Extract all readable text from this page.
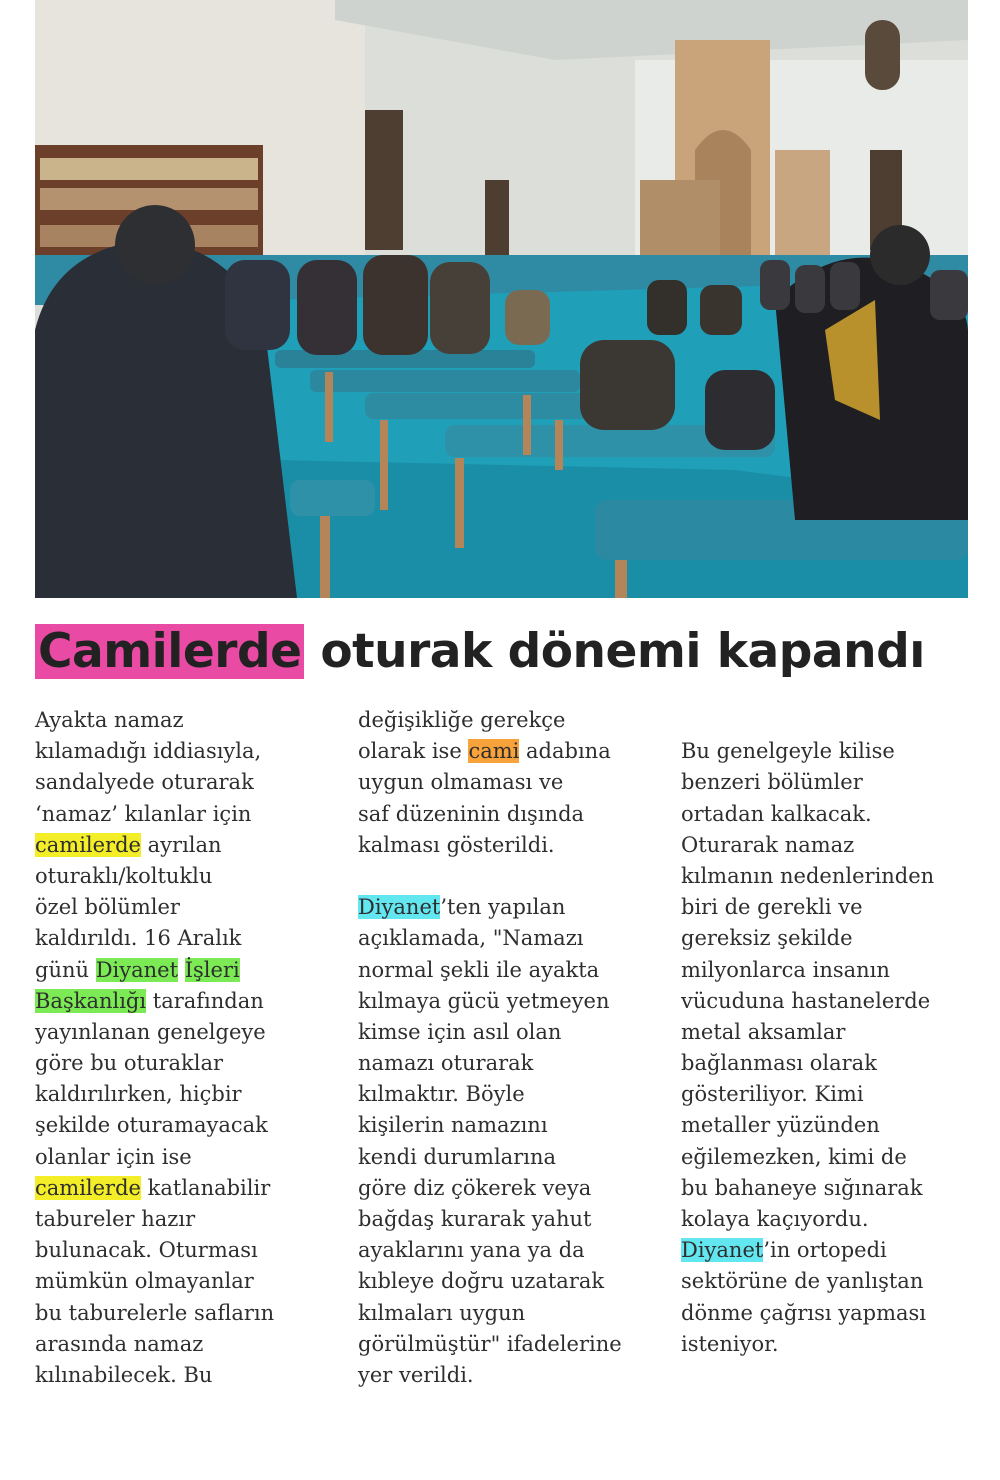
Camilerde oturak dönemi kapandı
Ayakta namaz
kılamadığı iddiasıyla,
sandalyede oturarak
‘namaz’ kılanlar için
camilerde ayrılan
oturaklı/koltuklu
özel bölümler
kaldırıldı. 16 Aralık
günü Diyanet İşleri
Başkanlığı tarafından
yayınlanan genelgeye
göre bu oturaklar
kaldırılırken, hiçbir
şekilde oturamayacak
olanlar için ise
camilerde katlanabilir
tabureler hazır
bulunacak. Oturması
mümkün olmayanlar
bu taburelerle safların
arasında namaz
kılınabilecek. Bu
değişikliğe gerekçe
olarak ise cami adabına
uygun olmaması ve
saf düzeninin dışında
kalması gösterildi.
Diyanet’ten yapılan
açıklamada, "Namazı
normal şekli ile ayakta
kılmaya gücü yetmeyen
kimse için asıl olan
namazı oturarak
kılmaktır. Böyle
kişilerin namazını
kendi durumlarına
göre diz çökerek veya
bağdaş kurarak yahut
ayaklarını yana ya da
kıbleye doğru uzatarak
kılmaları uygun
görülmüştür" ifadelerine
yer verildi.
Bu genelgeyle kilise
benzeri bölümler
ortadan kalkacak.
Oturarak namaz
kılmanın nedenlerinden
biri de gerekli ve
gereksiz şekilde
milyonlarca insanın
vücuduna hastanelerde
metal aksamlar
bağlanması olarak
gösteriliyor. Kimi
metaller yüzünden
eğilemezken, kimi de
bu bahaneye sığınarak
kolaya kaçıyordu.
Diyanet’in ortopedi
sektörüne de yanlıştan
dönme çağrısı yapması
isteniyor.
